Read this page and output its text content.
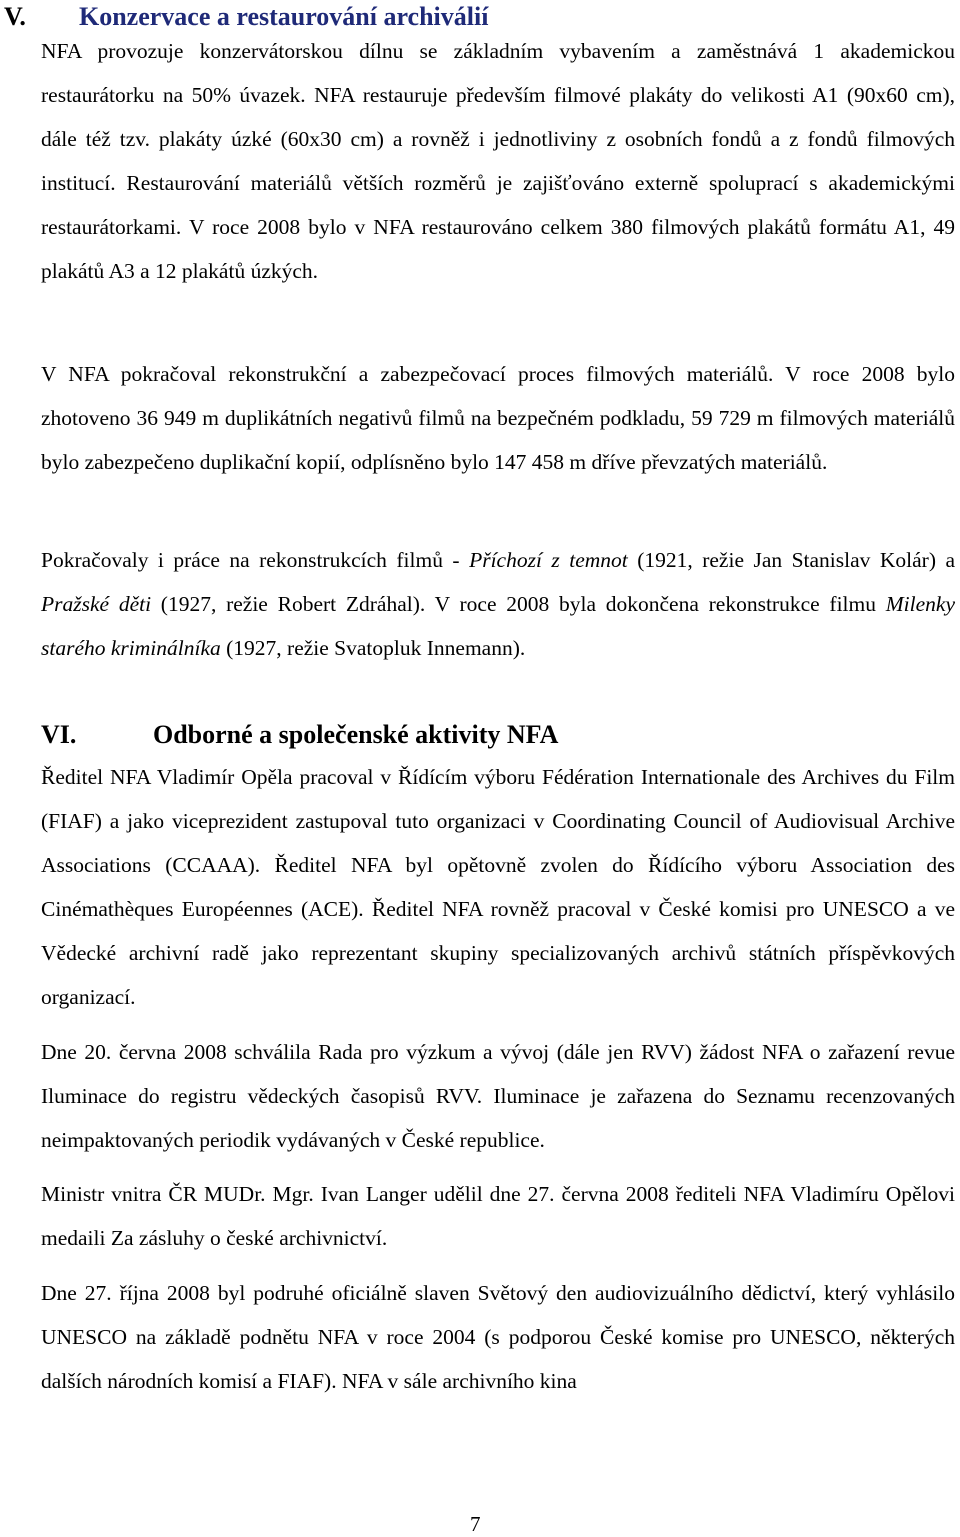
V. Konzervace a restaurování archiválií

NFA provozuje konzervátorskou dílnu se základním vybavením a zaměstnává 1 akademickou restaurátorku na 50% úvazek. NFA restauruje především filmové plakáty do velikosti A1 (90x60 cm), dále též tzv. plakáty úzké (60x30 cm) a rovněž i jednotliviny z osobních fondů a z fondů filmových institucí. Restaurování materiálů větších rozměrů je zajišťováno externě spoluprací s akademickými restaurátorkami. V roce 2008 bylo v NFA restaurováno celkem 380 filmových plakátů formátu A1, 49 plakátů A3 a 12 plakátů úzkých.

V NFA pokračoval rekonstrukční a zabezpečovací proces filmových materiálů. V roce 2008 bylo zhotoveno 36 949 m duplikátních negativů filmů na bezpečném podkladu, 59 729 m filmových materiálů bylo zabezpečeno duplikační kopií, odplísněno bylo 147 458 m dříve převzatých materiálů.

Pokračovaly i práce na rekonstrukcích filmů - Příchozí z temnot (1921, režie Jan Stanislav Kolár) a Pražské děti (1927, režie Robert Zdráhal). V roce 2008 byla dokončena rekonstrukce filmu Milenky starého kriminálníka (1927, režie Svatopluk Innemann).

VI.	Odborné a společenské aktivity NFA

Ředitel NFA Vladimír Opěla pracoval v Řídícím výboru Fédération Internationale des Archives du Film (FIAF) a jako viceprezident zastupoval tuto organizaci v Coordinating Council of Audiovisual Archive Associations (CCAAA). Ředitel NFA byl opětovně zvolen do Řídícího výboru Association des Cinémathèques Européennes (ACE). Ředitel NFA rovněž pracoval v České komisi pro UNESCO a ve Vědecké archivní radě jako reprezentant skupiny specializovaných archivů státních příspěvkových organizací.

Dne 20. června 2008 schválila Rada pro výzkum a vývoj (dále jen RVV) žádost NFA o zařazení revue Iluminace do registru vědeckých časopisů RVV. Iluminace je zařazena do Seznamu recenzovaných neimpaktovaných periodik vydávaných v České republice.

Ministr vnitra ČR MUDr. Mgr. Ivan Langer udělil dne 27. června 2008 řediteli NFA Vladimíru Opělovi medaili Za zásluhy o české archivnictví.

Dne 27. října 2008 byl podruhé oficiálně slaven Světový den audiovizuálního dědictví, který vyhlásilo UNESCO na základě podnětu NFA v roce 2004 (s podporou České komise pro UNESCO, některých dalších národních komisí a FIAF). NFA v sále archivního kina

7
